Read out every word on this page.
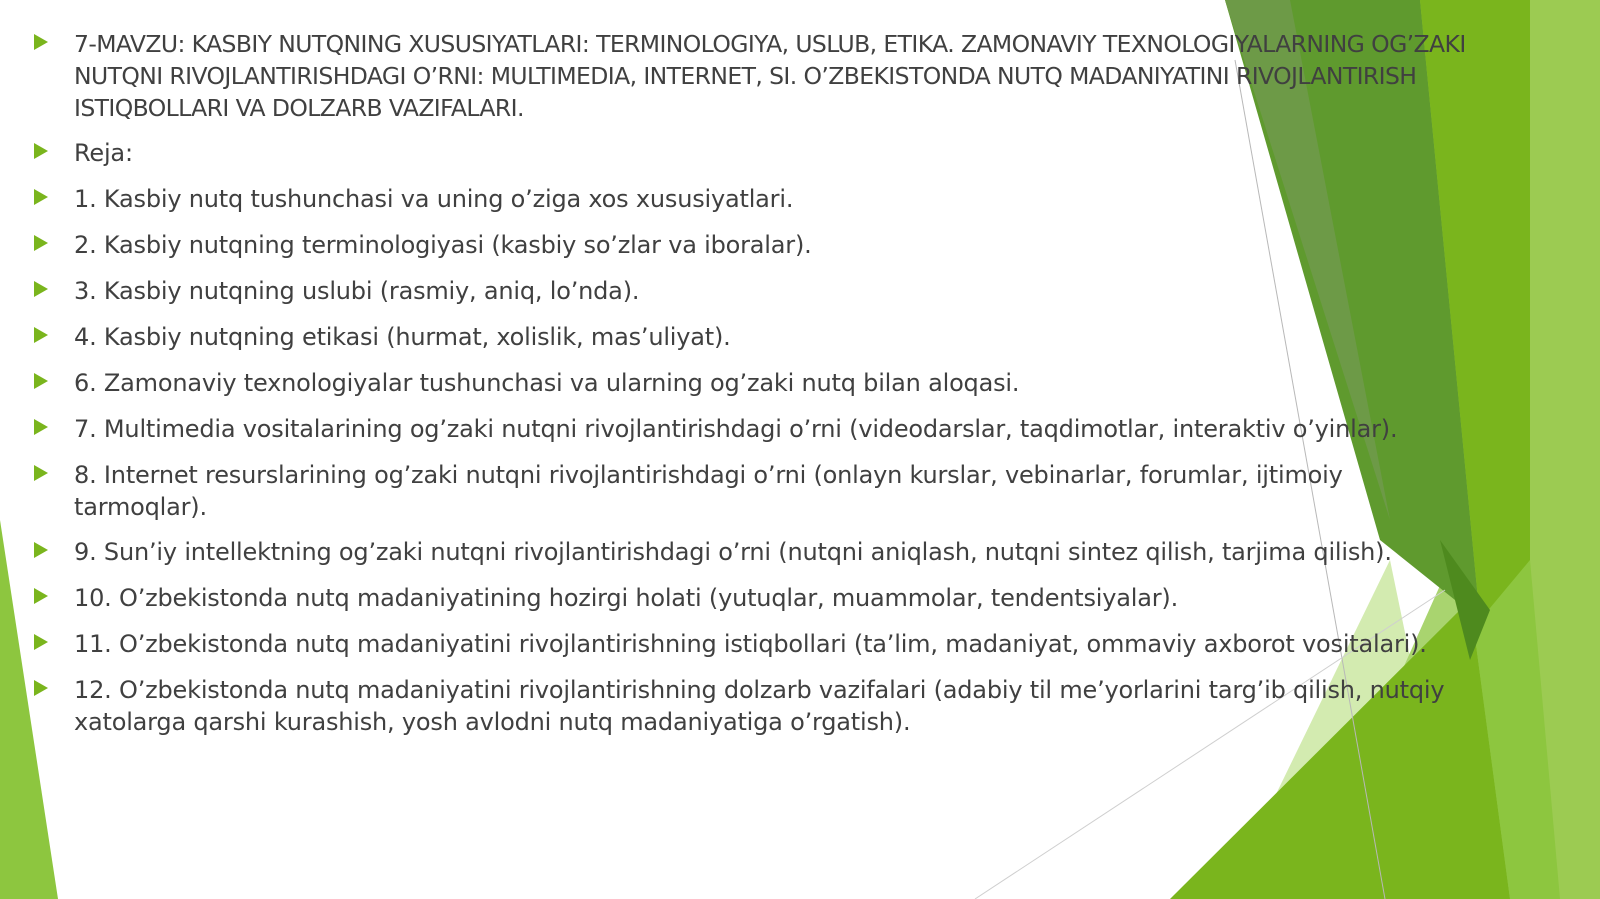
7-MAVZU: KASBIY NUTQNING XUSUSIYATLARI: TERMINOLOGIYA, USLUB, ETIKA. ZAMONAVIY TEXNOLOGIYALARNING OG’ZAKI NUTQNI RIVOJLANTIRISHDAGI O’RNI: MULTIMEDIA, INTERNET, SI. O’ZBEKISTONDA NUTQ MADANIYATINI RIVOJLANTIRISH ISTIQBOLLARI VA DOLZARB VAZIFALARI.
Reja:
1. Kasbiy nutq tushunchasi va uning o’ziga xos xususiyatlari.
2. Kasbiy nutqning terminologiyasi (kasbiy so’zlar va iboralar).
3. Kasbiy nutqning uslubi (rasmiy, aniq, lo’nda).
4. Kasbiy nutqning etikasi (hurmat, xolislik, mas’uliyat).
6. Zamonaviy texnologiyalar tushunchasi va ularning og’zaki nutq bilan aloqasi.
7. Multimedia vositalarining og’zaki nutqni rivojlantirishdagi o’rni (videodarslar, taqdimotlar, interaktiv o’yinlar).
8. Internet resurslarining og’zaki nutqni rivojlantirishdagi o’rni (onlayn kurslar, vebinarlar, forumlar, ijtimoiy tarmoqlar).
9. Sun’iy intellektning og’zaki nutqni rivojlantirishdagi o’rni (nutqni aniqlash, nutqni sintez qilish, tarjima qilish).
10. O’zbekistonda nutq madaniyatining hozirgi holati (yutuqlar, muammolar, tendentsiyalar).
11. O’zbekistonda nutq madaniyatini rivojlantirishning istiqbollari (ta’lim, madaniyat, ommaviy axborot vositalari).
12. O’zbekistonda nutq madaniyatini rivojlantirishning dolzarb vazifalari (adabiy til me’yorlarini targ’ib qilish, nutqiy xatolarga qarshi kurashish, yosh avlodni nutq madaniyatiga o’rgatish).
